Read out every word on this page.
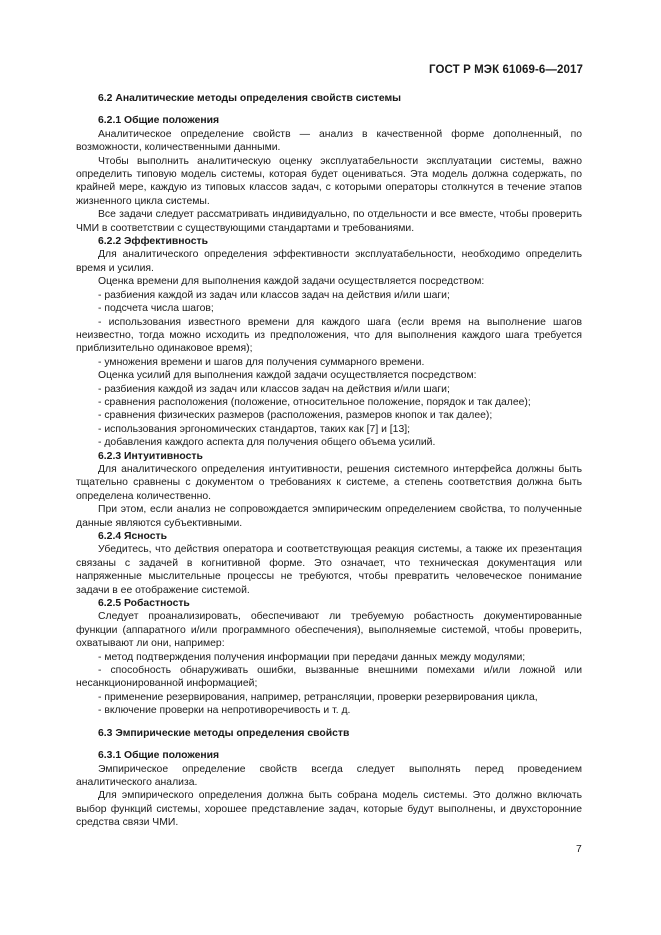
ГОСТ Р МЭК 61069-6—2017

6.2 Аналитические методы определения свойств системы

6.2.1 Общие положения

Аналитическое определение свойств — анализ в качественной форме дополненный, по возможности, количественными данными.

Чтобы выполнить аналитическую оценку эксплуатабельности эксплуатации системы, важно определить типовую модель системы, которая будет оцениваться. Эта модель должна содержать, по крайней мере, каждую из типовых классов задач, с которыми операторы столкнутся в течение этапов жизненного цикла системы.

Все задачи следует рассматривать индивидуально, по отдельности и все вместе, чтобы проверить ЧМИ в соответствии с существующими стандартами и требованиями.

6.2.2 Эффективность

Для аналитического определения эффективности эксплуатабельности, необходимо определить время и усилия.

Оценка времени для выполнения каждой задачи осуществляется посредством:

- разбиения каждой из задач или классов задач на действия и/или шаги;

- подсчета числа шагов;

- использования известного времени для каждого шага (если время на выполнение шагов неизвестно, тогда можно исходить из предположения, что для выполнения каждого шага требуется приблизительно одинаковое время);

- умножения времени и шагов для получения суммарного времени.

Оценка усилий для выполнения каждой задачи осуществляется посредством:

- разбиения каждой из задач или классов задач на действия и/или шаги;

- сравнения расположения (положение, относительное положение, порядок и так далее);

- сравнения физических размеров (расположения, размеров кнопок и так далее);

- использования эргономических стандартов, таких как [7] и [13];

- добавления каждого аспекта для получения общего объема усилий.

6.2.3 Интуитивность

Для аналитического определения интуитивности, решения системного интерфейса должны быть тщательно сравнены с документом о требованиях к системе, а степень соответствия должна быть определена количественно.

При этом, если анализ не сопровождается эмпирическим определением свойства, то полученные данные являются субъективными.

6.2.4 Ясность

Убедитесь, что действия оператора и соответствующая реакция системы, а также их презентация связаны с задачей в когнитивной форме. Это означает, что техническая документация или напряженные мыслительные процессы не требуются, чтобы превратить человеческое понимание задачи в ее отображение системой.

6.2.5 Робастность

Следует проанализировать, обеспечивают ли требуемую робастность документированные функции (аппаратного и/или программного обеспечения), выполняемые системой, чтобы проверить, охватывают ли они, например:

- метод подтверждения получения информации при передачи данных между модулями;

- способность обнаруживать ошибки, вызванные внешними помехами и/или ложной или несанкционированной информацией;

- применение резервирования, например, ретрансляции, проверки резервирования цикла,

- включение проверки на непротиворечивость и т. д.

6.3 Эмпирические методы определения свойств

6.3.1 Общие положения

Эмпирическое определение свойств всегда следует выполнять перед проведением аналитического анализа.

Для эмпирического определения должна быть собрана модель системы. Это должно включать выбор функций системы, хорошее представление задач, которые будут выполнены, и двухсторонние средства связи ЧМИ.

7
